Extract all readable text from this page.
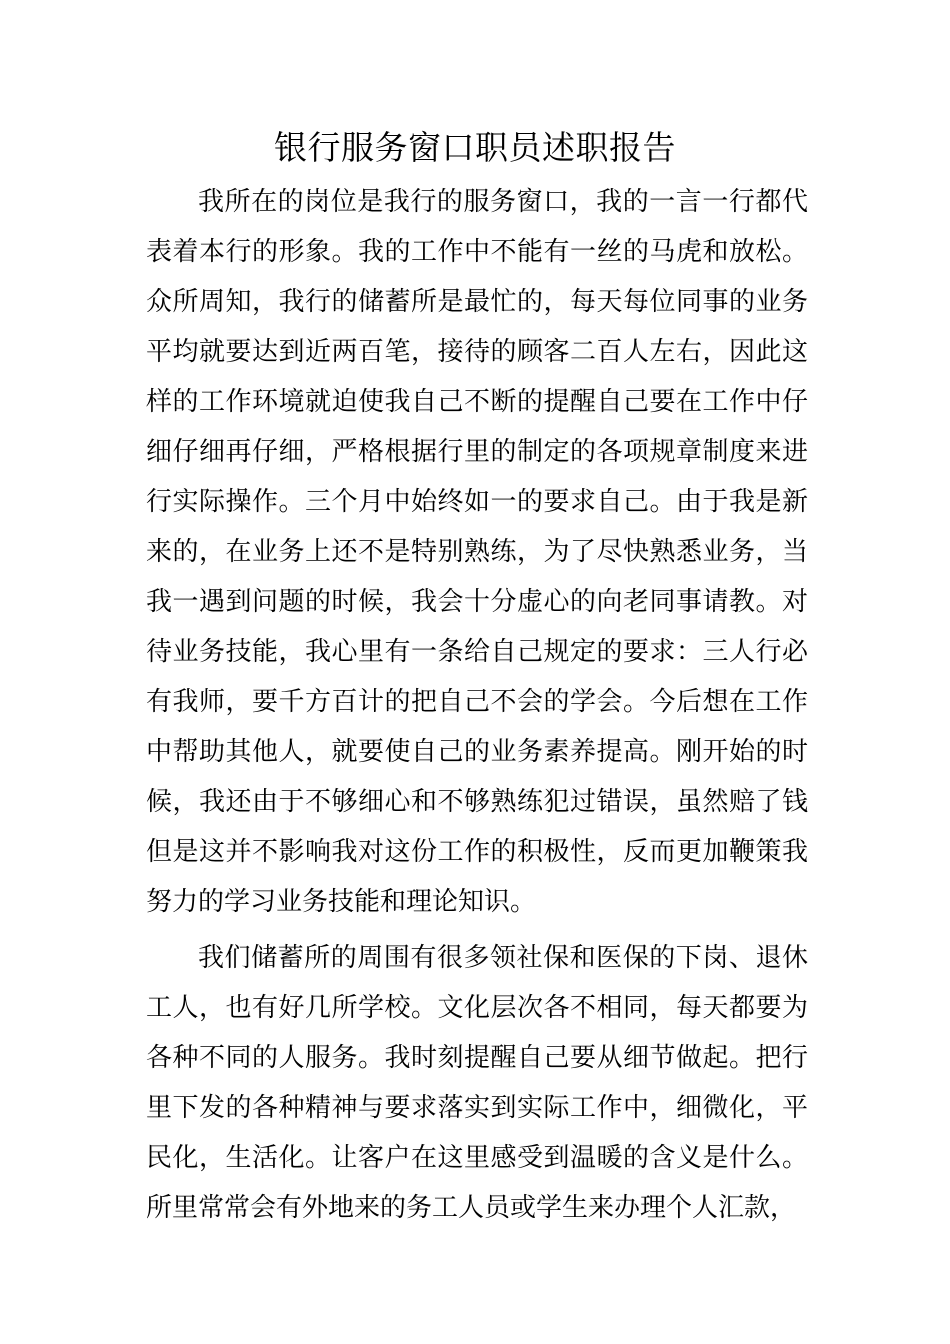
银行服务窗口职员述职报告

我所在的岗位是我行的服务窗口，我的一言一行都代表着本行的形象。我的工作中不能有一丝的马虎和放松。众所周知，我行的储蓄所是最忙的，每天每位同事的业务平均就要达到近两百笔，接待的顾客二百人左右，因此这样的工作环境就迫使我自己不断的提醒自己要在工作中仔细仔细再仔细，严格根据行里的制定的各项规章制度来进行实际操作。三个月中始终如一的要求自己。由于我是新来的，在业务上还不是特别熟练，为了尽快熟悉业务，当我一遇到问题的时候，我会十分虚心的向老同事请教。对待业务技能，我心里有一条给自己规定的要求：三人行必有我师，要千方百计的把自己不会的学会。今后想在工作中帮助其他人，就要使自己的业务素养提高。刚开始的时候，我还由于不够细心和不够熟练犯过错误，虽然赔了钱但是这并不影响我对这份工作的积极性，反而更加鞭策我努力的学习业务技能和理论知识。

我们储蓄所的周围有很多领社保和医保的下岗、退休工人，也有好几所学校。文化层次各不相同，每天都要为各种不同的人服务。我时刻提醒自己要从细节做起。把行里下发的各种精神与要求落实到实际工作中，细微化，平民化，生活化。让客户在这里感受到温暖的含义是什么。所里常常会有外地来的务工人员或学生来办理个人汇款，
